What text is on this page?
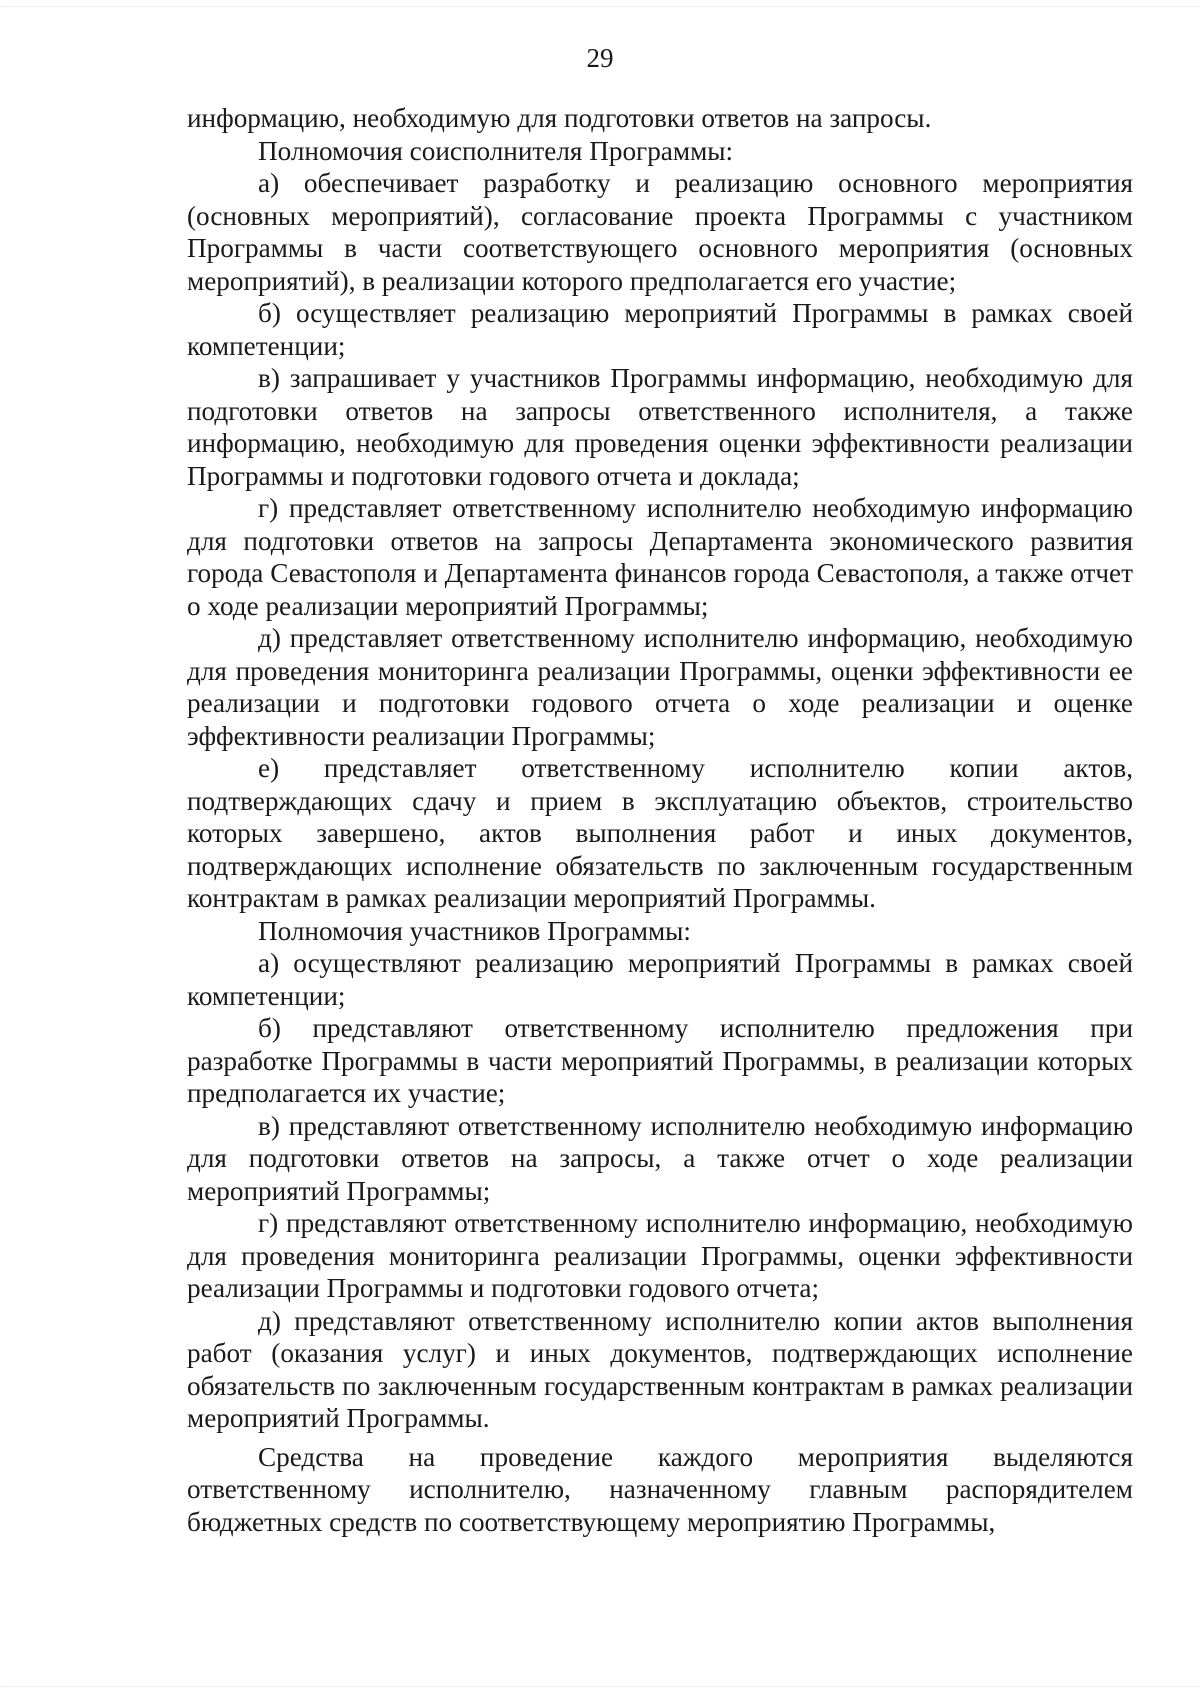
29

информацию, необходимую для подготовки ответов на запросы.

Полномочия соисполнителя Программы:

а) обеспечивает разработку и реализацию основного мероприятия (основных мероприятий), согласование проекта Программы с участником Программы в части соответствующего основного мероприятия (основных мероприятий), в реализации которого предполагается его участие;

б) осуществляет реализацию мероприятий Программы в рамках своей компетенции;

в) запрашивает у участников Программы информацию, необходимую для подготовки ответов на запросы ответственного исполнителя, а также информацию, необходимую для проведения оценки эффективности реализации Программы и подготовки годового отчета и доклада;

г) представляет ответственному исполнителю необходимую информацию для подготовки ответов на запросы Департамента экономического развития города Севастополя и Департамента финансов города Севастополя, а также отчет о ходе реализации мероприятий Программы;

д) представляет ответственному исполнителю информацию, необходимую для проведения мониторинга реализации Программы, оценки эффективности ее реализации и подготовки годового отчета о ходе реализации и оценке эффективности реализации Программы;

е) представляет ответственному исполнителю копии актов, подтверждающих сдачу и прием в эксплуатацию объектов, строительство которых завершено, актов выполнения работ и иных документов, подтверждающих исполнение обязательств по заключенным государственным контрактам в рамках реализации мероприятий Программы.

Полномочия участников Программы:

а) осуществляют реализацию мероприятий Программы в рамках своей компетенции;

б) представляют ответственному исполнителю предложения при разработке Программы в части мероприятий Программы, в реализации которых предполагается их участие;

в) представляют ответственному исполнителю необходимую информацию для подготовки ответов на запросы, а также отчет о ходе реализации мероприятий Программы;

г) представляют ответственному исполнителю информацию, необходимую для проведения мониторинга реализации Программы, оценки эффективности реализации Программы и подготовки годового отчета;

д) представляют ответственному исполнителю копии актов выполнения работ (оказания услуг) и иных документов, подтверждающих исполнение обязательств по заключенным государственным контрактам в рамках реализации мероприятий Программы.

Средства на проведение каждого мероприятия выделяются ответственному исполнителю, назначенному главным распорядителем бюджетных средств по соответствующему мероприятию Программы,
